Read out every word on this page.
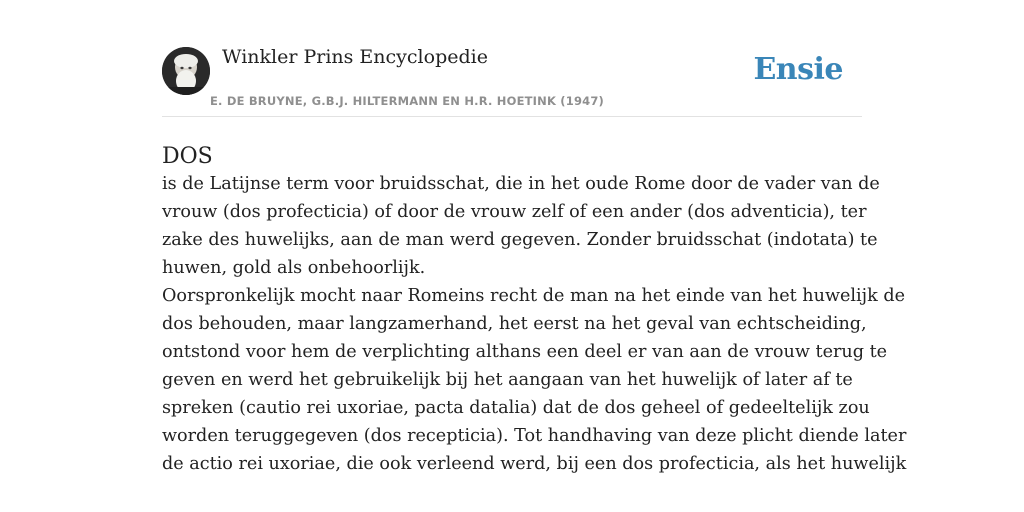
Winkler Prins Encyclopedie
E. DE BRUYNE, G.B.J. HILTERMANN EN H.R. HOETINK (1947)
Ensie
DOS

is de Latijnse term voor bruidsschat, die in het oude Rome door de vader van de
vrouw (dos profecticia) of door de vrouw zelf of een ander (dos adventicia), ter
zake des huwelijks, aan de man werd gegeven. Zonder bruidsschat (indotata) te
huwen, gold als onbehoorlijk.

Oorspronkelijk mocht naar Romeins recht de man na het einde van het huwelijk de
dos behouden, maar langzamerhand, het eerst na het geval van echtscheiding,
ontstond voor hem de verplichting althans een deel er van aan de vrouw terug te
geven en werd het gebruikelijk bij het aangaan van het huwelijk of later af te
spreken (cautio rei uxoriae, pacta datalia) dat de dos geheel of gedeeltelijk zou
worden teruggegeven (dos recepticia). Tot handhaving van deze plicht diende later
de actio rei uxoriae, die ook verleend werd, bij een dos profecticia, als het huwelijk
